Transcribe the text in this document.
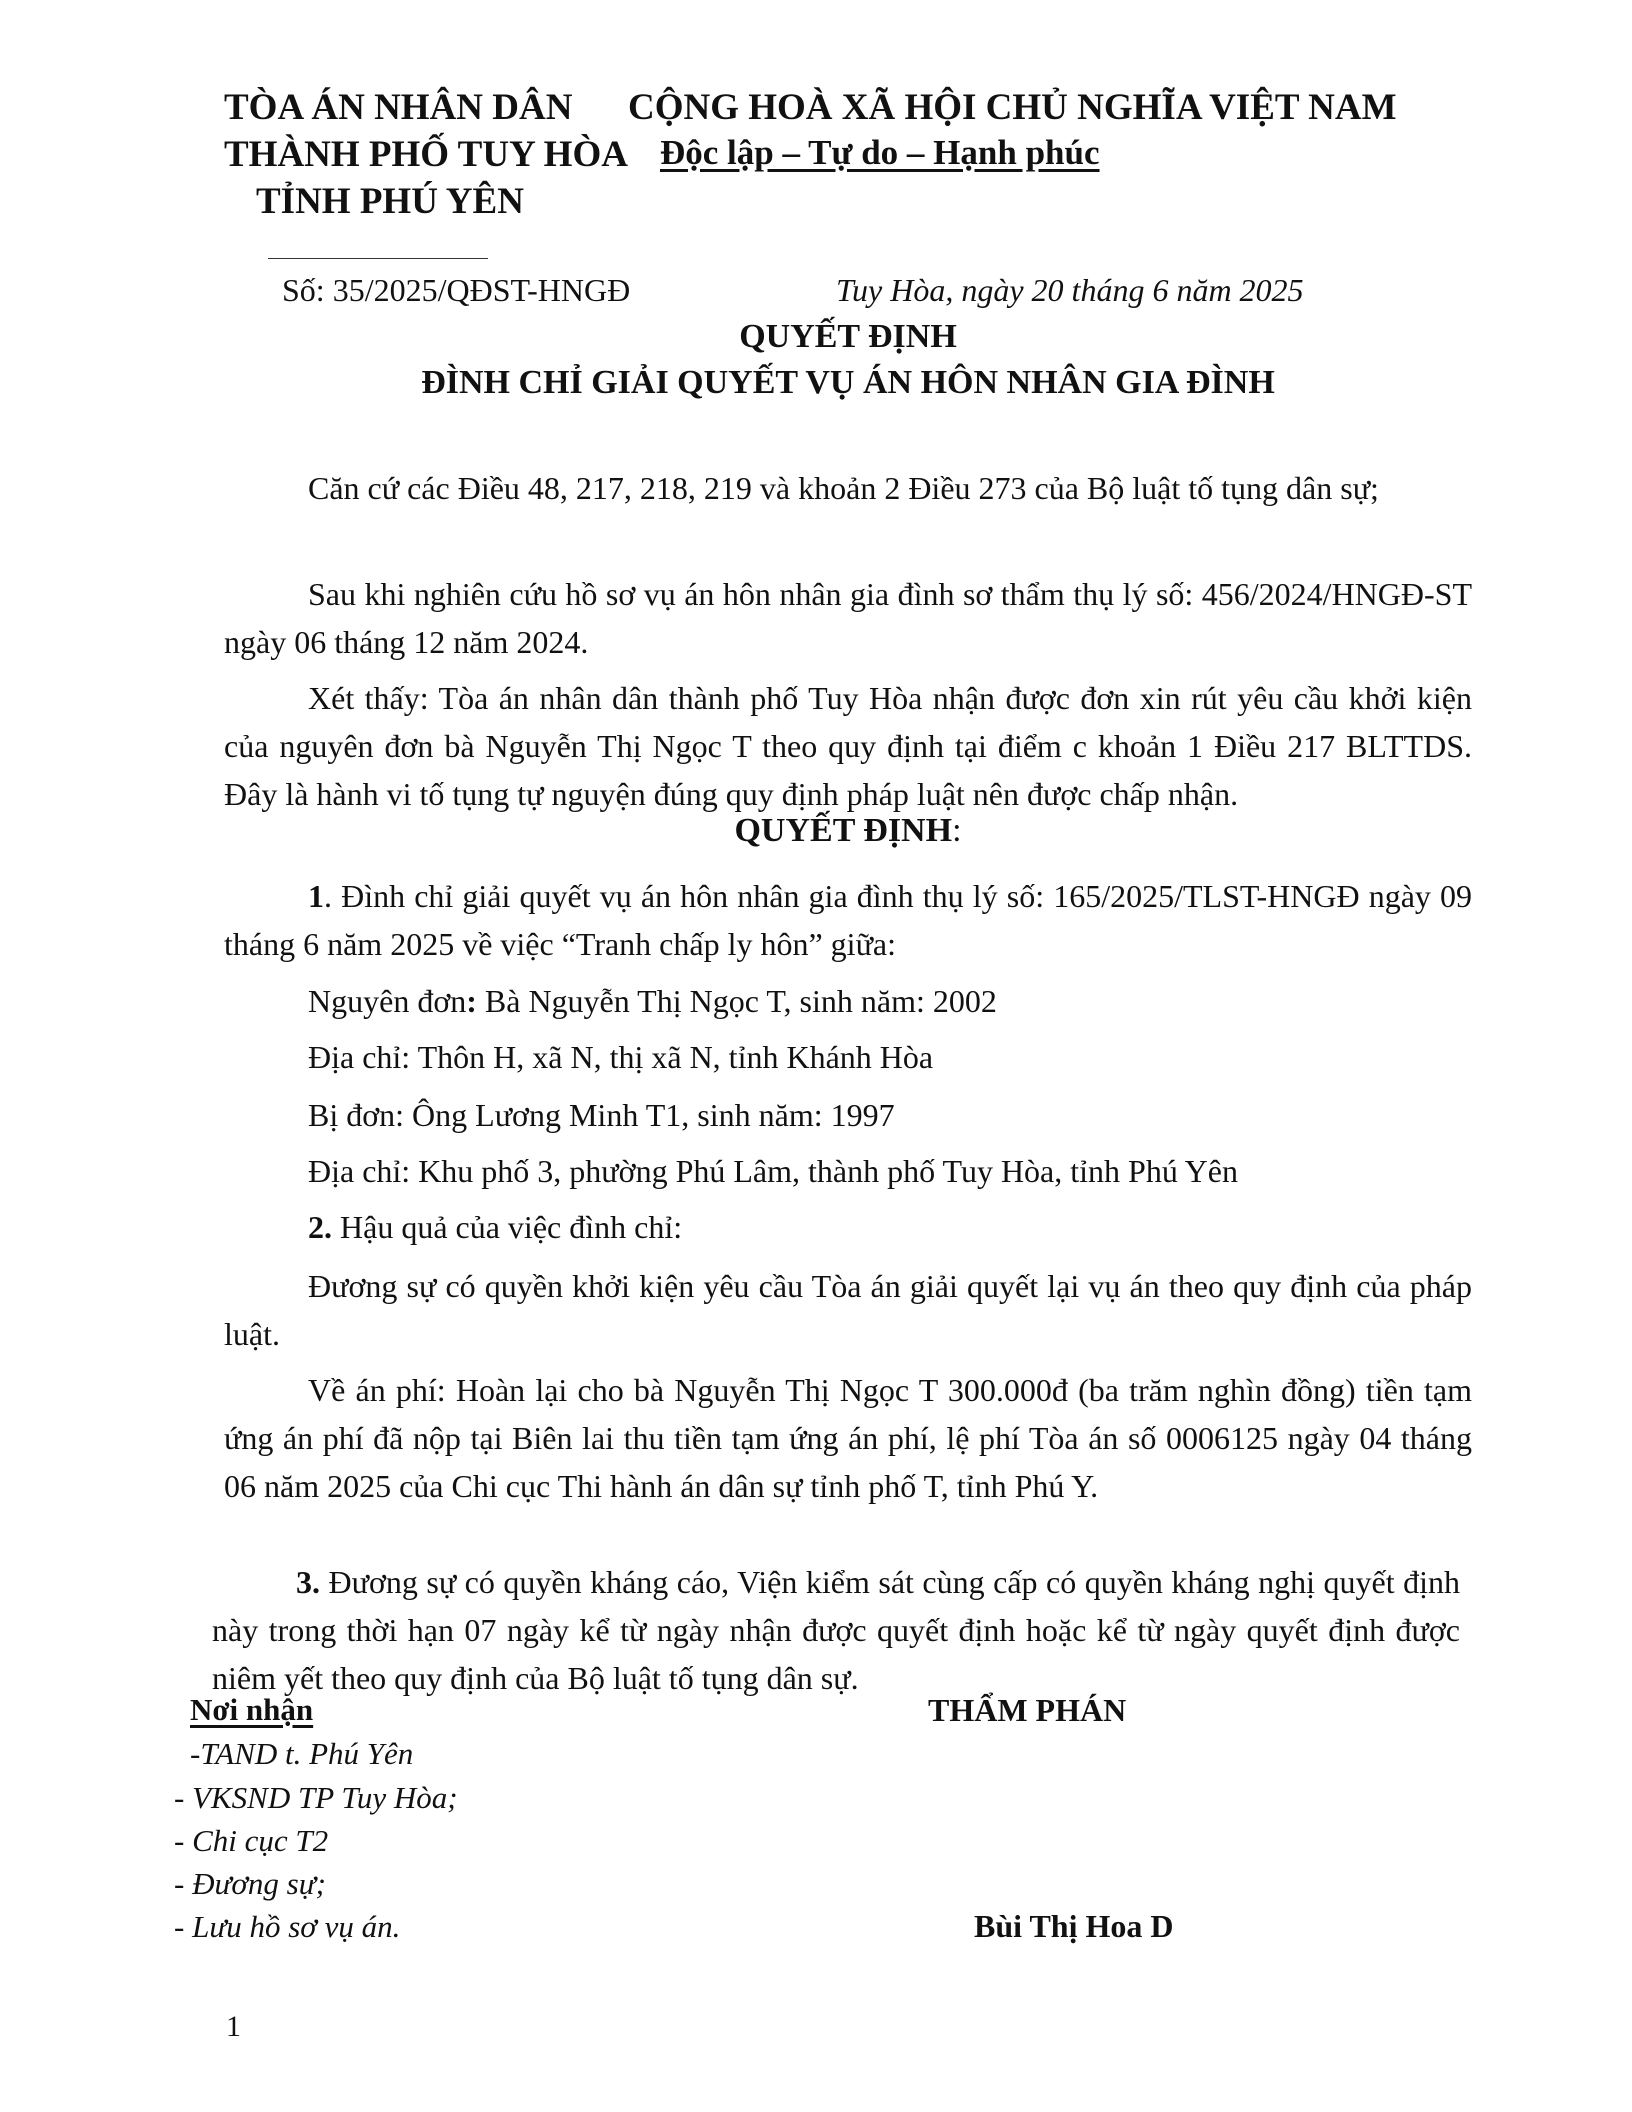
TÒA ÁN NHÂN DÂN
THÀNH PHỐ TUY HÒA
TỈNH PHÚ YÊN
CỘNG HOÀ XÃ HỘI CHỦ NGHĨA VIỆT NAM
Độc lập – Tự do – Hạnh phúc
Số: 35/2025/QĐST-HNGĐ	Tuy Hòa, ngày 20 tháng 6 năm 2025
QUYẾT ĐỊNH
ĐÌNH CHỈ GIẢI QUYẾT VỤ ÁN HÔN NHÂN GIA ĐÌNH

Căn cứ các Điều 48, 217, 218, 219 và khoản 2 Điều 273 của Bộ luật tố tụng dân sự;

Sau khi nghiên cứu hồ sơ vụ án hôn nhân gia đình sơ thẩm thụ lý số: 456/2024/HNGĐ-ST ngày 06 tháng 12 năm 2024.

Xét thấy: Tòa án nhân dân thành phố Tuy Hòa nhận được đơn xin rút yêu cầu khởi kiện của nguyên đơn bà Nguyễn Thị Ngọc T theo quy định tại điểm c khoản 1 Điều 217 BLTTDS. Đây là hành vi tố tụng tự nguyện đúng quy định pháp luật nên được chấp nhận.

QUYẾT ĐỊNH:

1. Đình chỉ giải quyết vụ án hôn nhân gia đình thụ lý số: 165/2025/TLST-HNGĐ ngày 09 tháng 6 năm 2025 về việc “Tranh chấp ly hôn” giữa:

Nguyên đơn: Bà Nguyễn Thị Ngọc T, sinh năm: 2002
Địa chỉ: Thôn H, xã N, thị xã N, tỉnh Khánh Hòa
Bị đơn: Ông Lương Minh T1, sinh năm: 1997
Địa chỉ: Khu phố 3, phường Phú Lâm, thành phố Tuy Hòa, tỉnh Phú Yên
2. Hậu quả của việc đình chỉ:

Đương sự có quyền khởi kiện yêu cầu Tòa án giải quyết lại vụ án theo quy định của pháp luật.

Về án phí: Hoàn lại cho bà Nguyễn Thị Ngọc T 300.000đ (ba trăm nghìn đồng) tiền tạm ứng án phí đã nộp tại Biên lai thu tiền tạm ứng án phí, lệ phí Tòa án số 0006125 ngày 04 tháng 06 năm 2025 của Chi cục Thi hành án dân sự tỉnh phố T, tỉnh Phú Y.

3. Đương sự có quyền kháng cáo, Viện kiểm sát cùng cấp có quyền kháng nghị quyết định này trong thời hạn 07 ngày kể từ ngày nhận được quyết định hoặc kể từ ngày quyết định được niêm yết theo quy định của Bộ luật tố tụng dân sự.

Nơi nhận
-TAND t. Phú Yên
- VKSND TP Tuy Hòa;
- Chi cục T2
- Đương sự;
- Lưu hồ sơ vụ án.
THẨM PHÁN
Bùi Thị Hoa D
1
